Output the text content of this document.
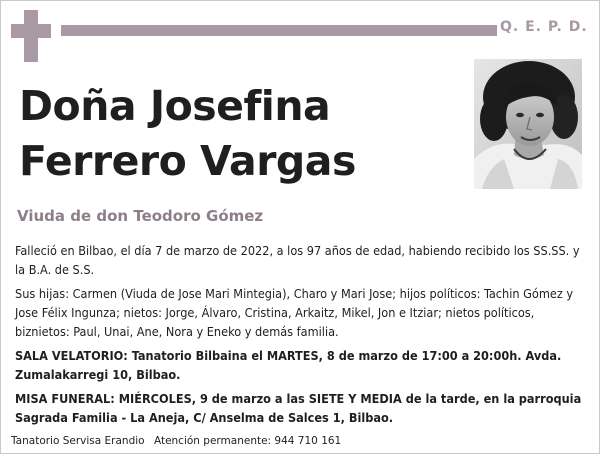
Q. E. P. D.
Doña Josefina
Ferrero Vargas
Viuda de don Teodoro Gómez

Falleció en Bilbao, el día 7 de marzo de 2022, a los 97 años de edad, habiendo recibido los SS.SS. y la B.A. de S.S.

Sus hijas: Carmen (Viuda de Jose Mari Mintegia), Charo y Mari Jose; hijos políticos: Tachin Gómez y Jose Félix Ingunza; nietos: Jorge, Álvaro, Cristina, Arkaitz, Mikel, Jon e Itziar; nietos políticos, biznietos: Paul, Unai, Ane, Nora y Eneko y demás familia.

SALA VELATORIO: Tanatorio Bilbaina el MARTES, 8 de marzo de 17:00 a 20:00h. Avda. Zumalakarregi 10, Bilbao.

MISA FUNERAL: MIÉRCOLES, 9 de marzo a las SIETE Y MEDIA de la tarde, en la parroquia Sagrada Familia - La Aneja, C/ Anselma de Salces 1, Bilbao.

Tanatorio Servisa Erandio Atención permanente: 944 710 161
